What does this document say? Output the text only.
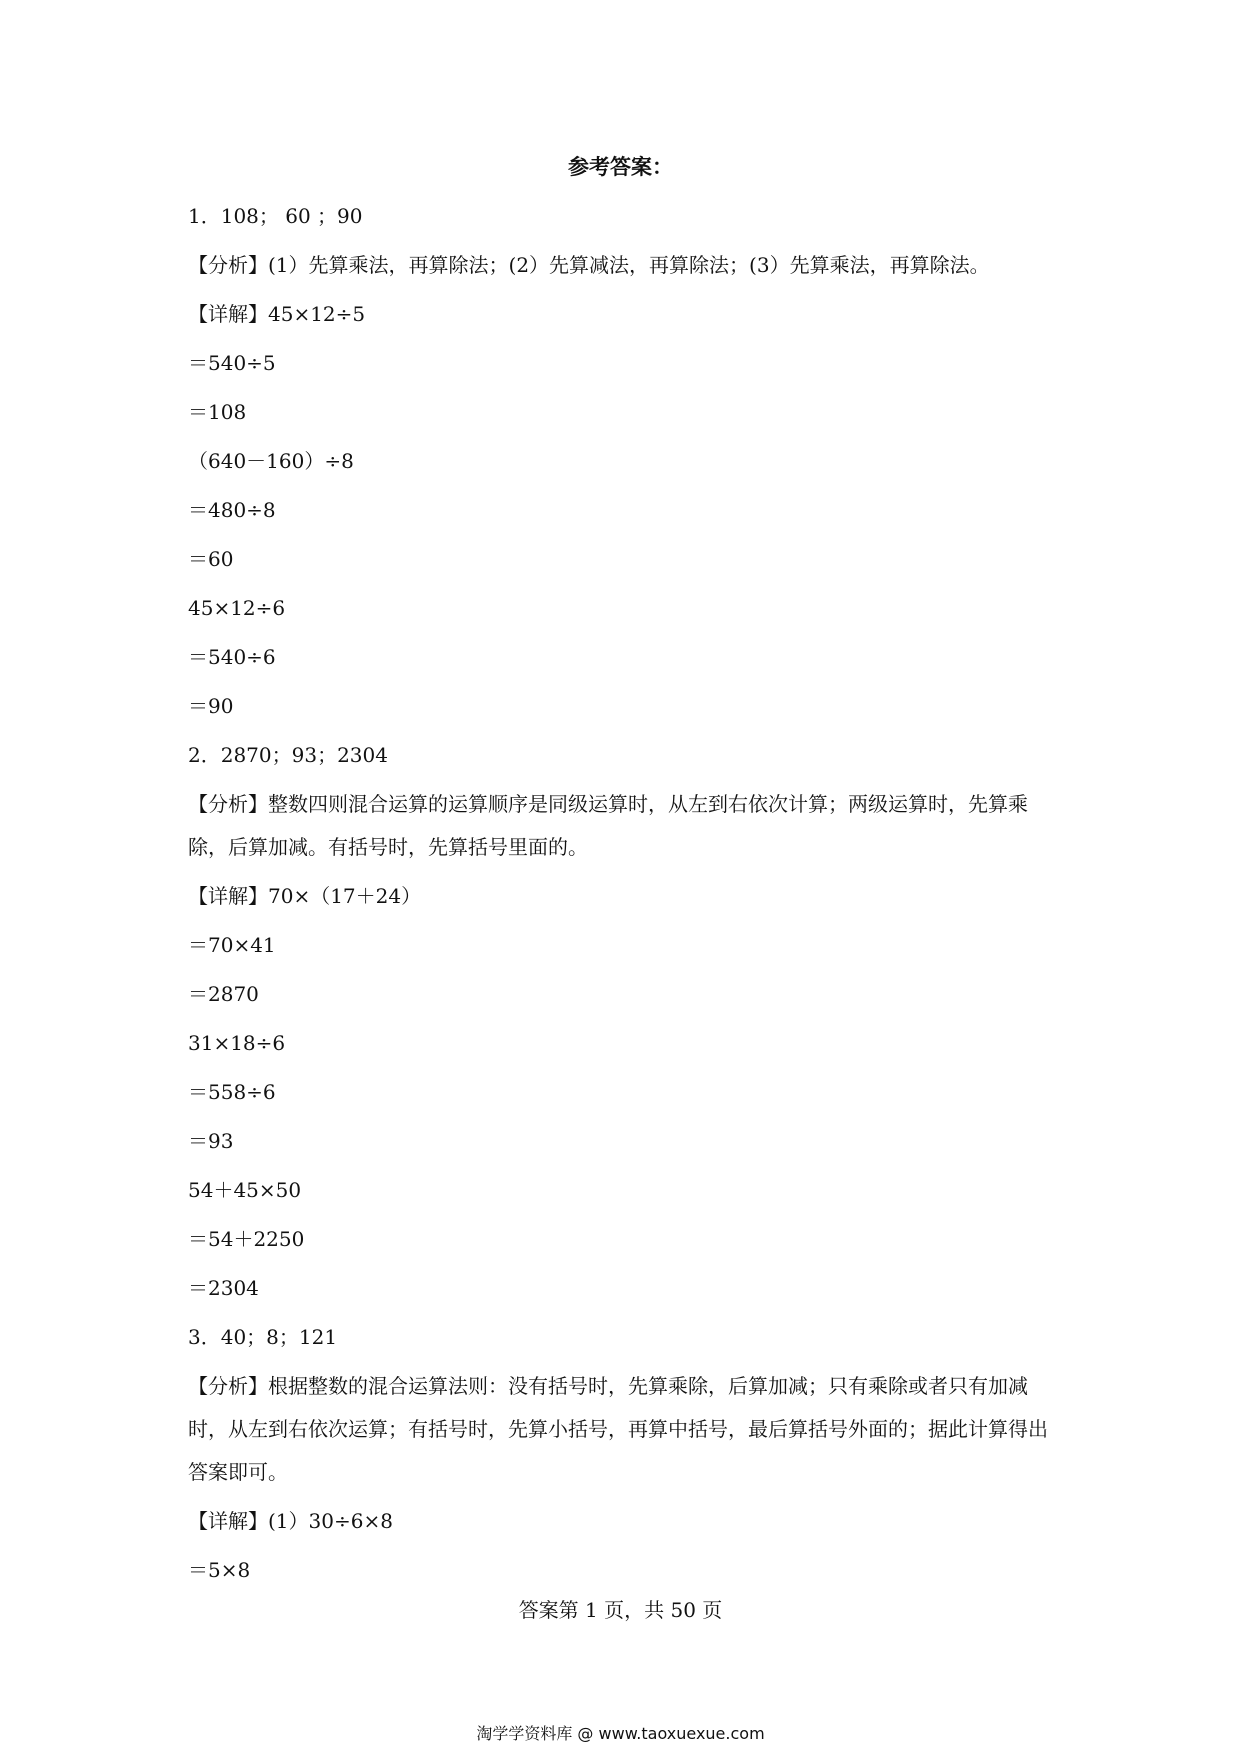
参考答案：

1．108； 60 ；90

【分析】(1）先算乘法，再算除法；(2）先算减法，再算除法；(3）先算乘法，再算除法。

【详解】45×12÷5

＝540÷5

＝108

（640－160）÷8

＝480÷8

＝60

45×12÷6

＝540÷6

＝90

2．2870；93；2304

【分析】整数四则混合运算的运算顺序是同级运算时，从左到右依次计算；两级运算时，先算乘除，后算加减。有括号时，先算括号里面的。

【详解】70×（17＋24）

＝70×41

＝2870

31×18÷6

＝558÷6

＝93

54＋45×50

＝54＋2250

＝2304

3．40；8；121

【分析】根据整数的混合运算法则：没有括号时，先算乘除，后算加减；只有乘除或者只有加减时，从左到右依次运算；有括号时，先算小括号，再算中括号，最后算括号外面的；据此计算得出答案即可。

【详解】(1）30÷6×8

＝5×8

答案第 1 页，共 50 页
淘学学资料库 @ www.taoxuexue.com
